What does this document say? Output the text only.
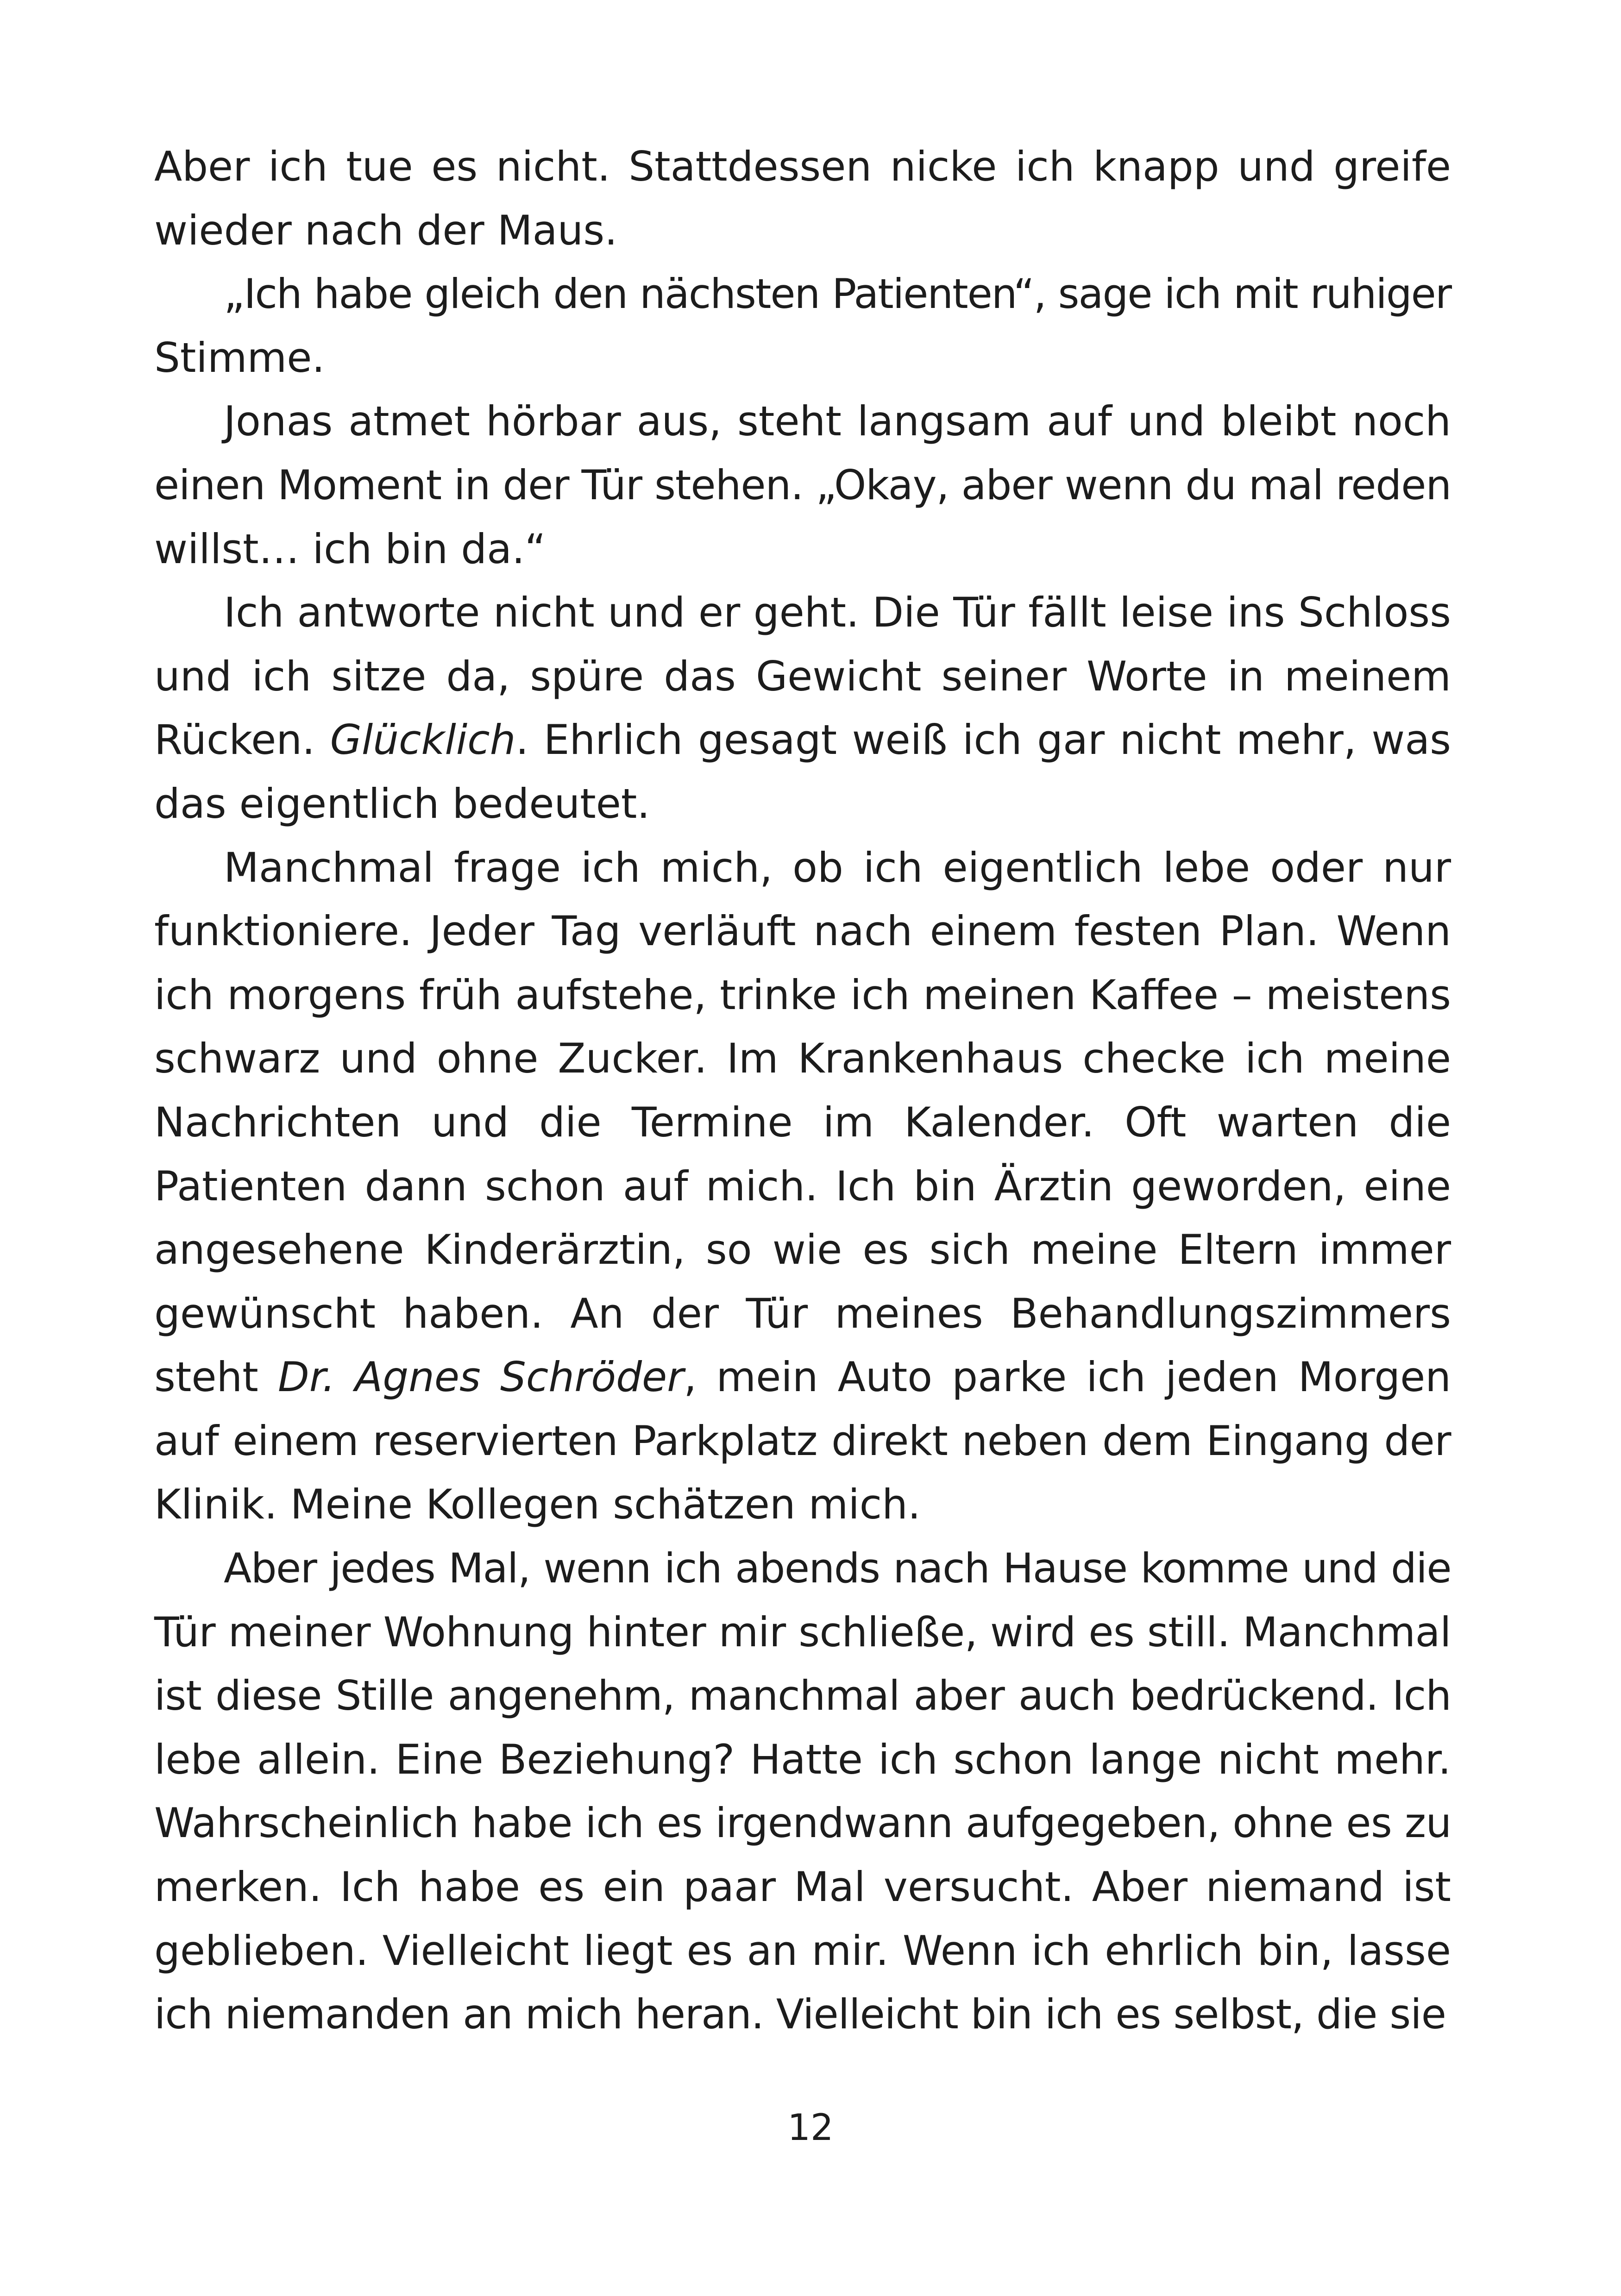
Aber ich tue es nicht. Stattdessen nicke ich knapp und greife
wieder nach der Maus.
„Ich habe gleich den nächsten Patienten“, sage ich mit ruhiger
Stimme.
Jonas atmet hörbar aus, steht langsam auf und bleibt noch
einen Moment in der Tür stehen. „Okay, aber wenn du mal reden
willst… ich bin da.“
Ich antworte nicht und er geht. Die Tür fällt leise ins Schloss
und ich sitze da, spüre das Gewicht seiner Worte in meinem
Rücken. Glücklich. Ehrlich gesagt weiß ich gar nicht mehr, was
das eigentlich bedeutet.
Manchmal frage ich mich, ob ich eigentlich lebe oder nur
funktioniere. Jeder Tag verläuft nach einem festen Plan. Wenn
ich morgens früh aufstehe, trinke ich meinen Kaffee – meistens
schwarz und ohne Zucker. Im Krankenhaus checke ich meine
Nachrichten und die Termine im Kalender. Oft warten die
Patienten dann schon auf mich. Ich bin Ärztin geworden, eine
angesehene Kinderärztin, so wie es sich meine Eltern immer
gewünscht haben. An der Tür meines Behandlungszimmers
steht Dr. Agnes Schröder, mein Auto parke ich jeden Morgen
auf einem reservierten Parkplatz direkt neben dem Eingang der
Klinik. Meine Kollegen schätzen mich.
Aber jedes Mal, wenn ich abends nach Hause komme und die
Tür meiner Wohnung hinter mir schließe, wird es still. Manchmal
ist diese Stille angenehm, manchmal aber auch bedrückend. Ich
lebe allein. Eine Beziehung? Hatte ich schon lange nicht mehr.
Wahrscheinlich habe ich es irgendwann aufgegeben, ohne es zu
merken. Ich habe es ein paar Mal versucht. Aber niemand ist
geblieben. Vielleicht liegt es an mir. Wenn ich ehrlich bin, lasse
ich niemanden an mich heran. Vielleicht bin ich es selbst, die sie
12
